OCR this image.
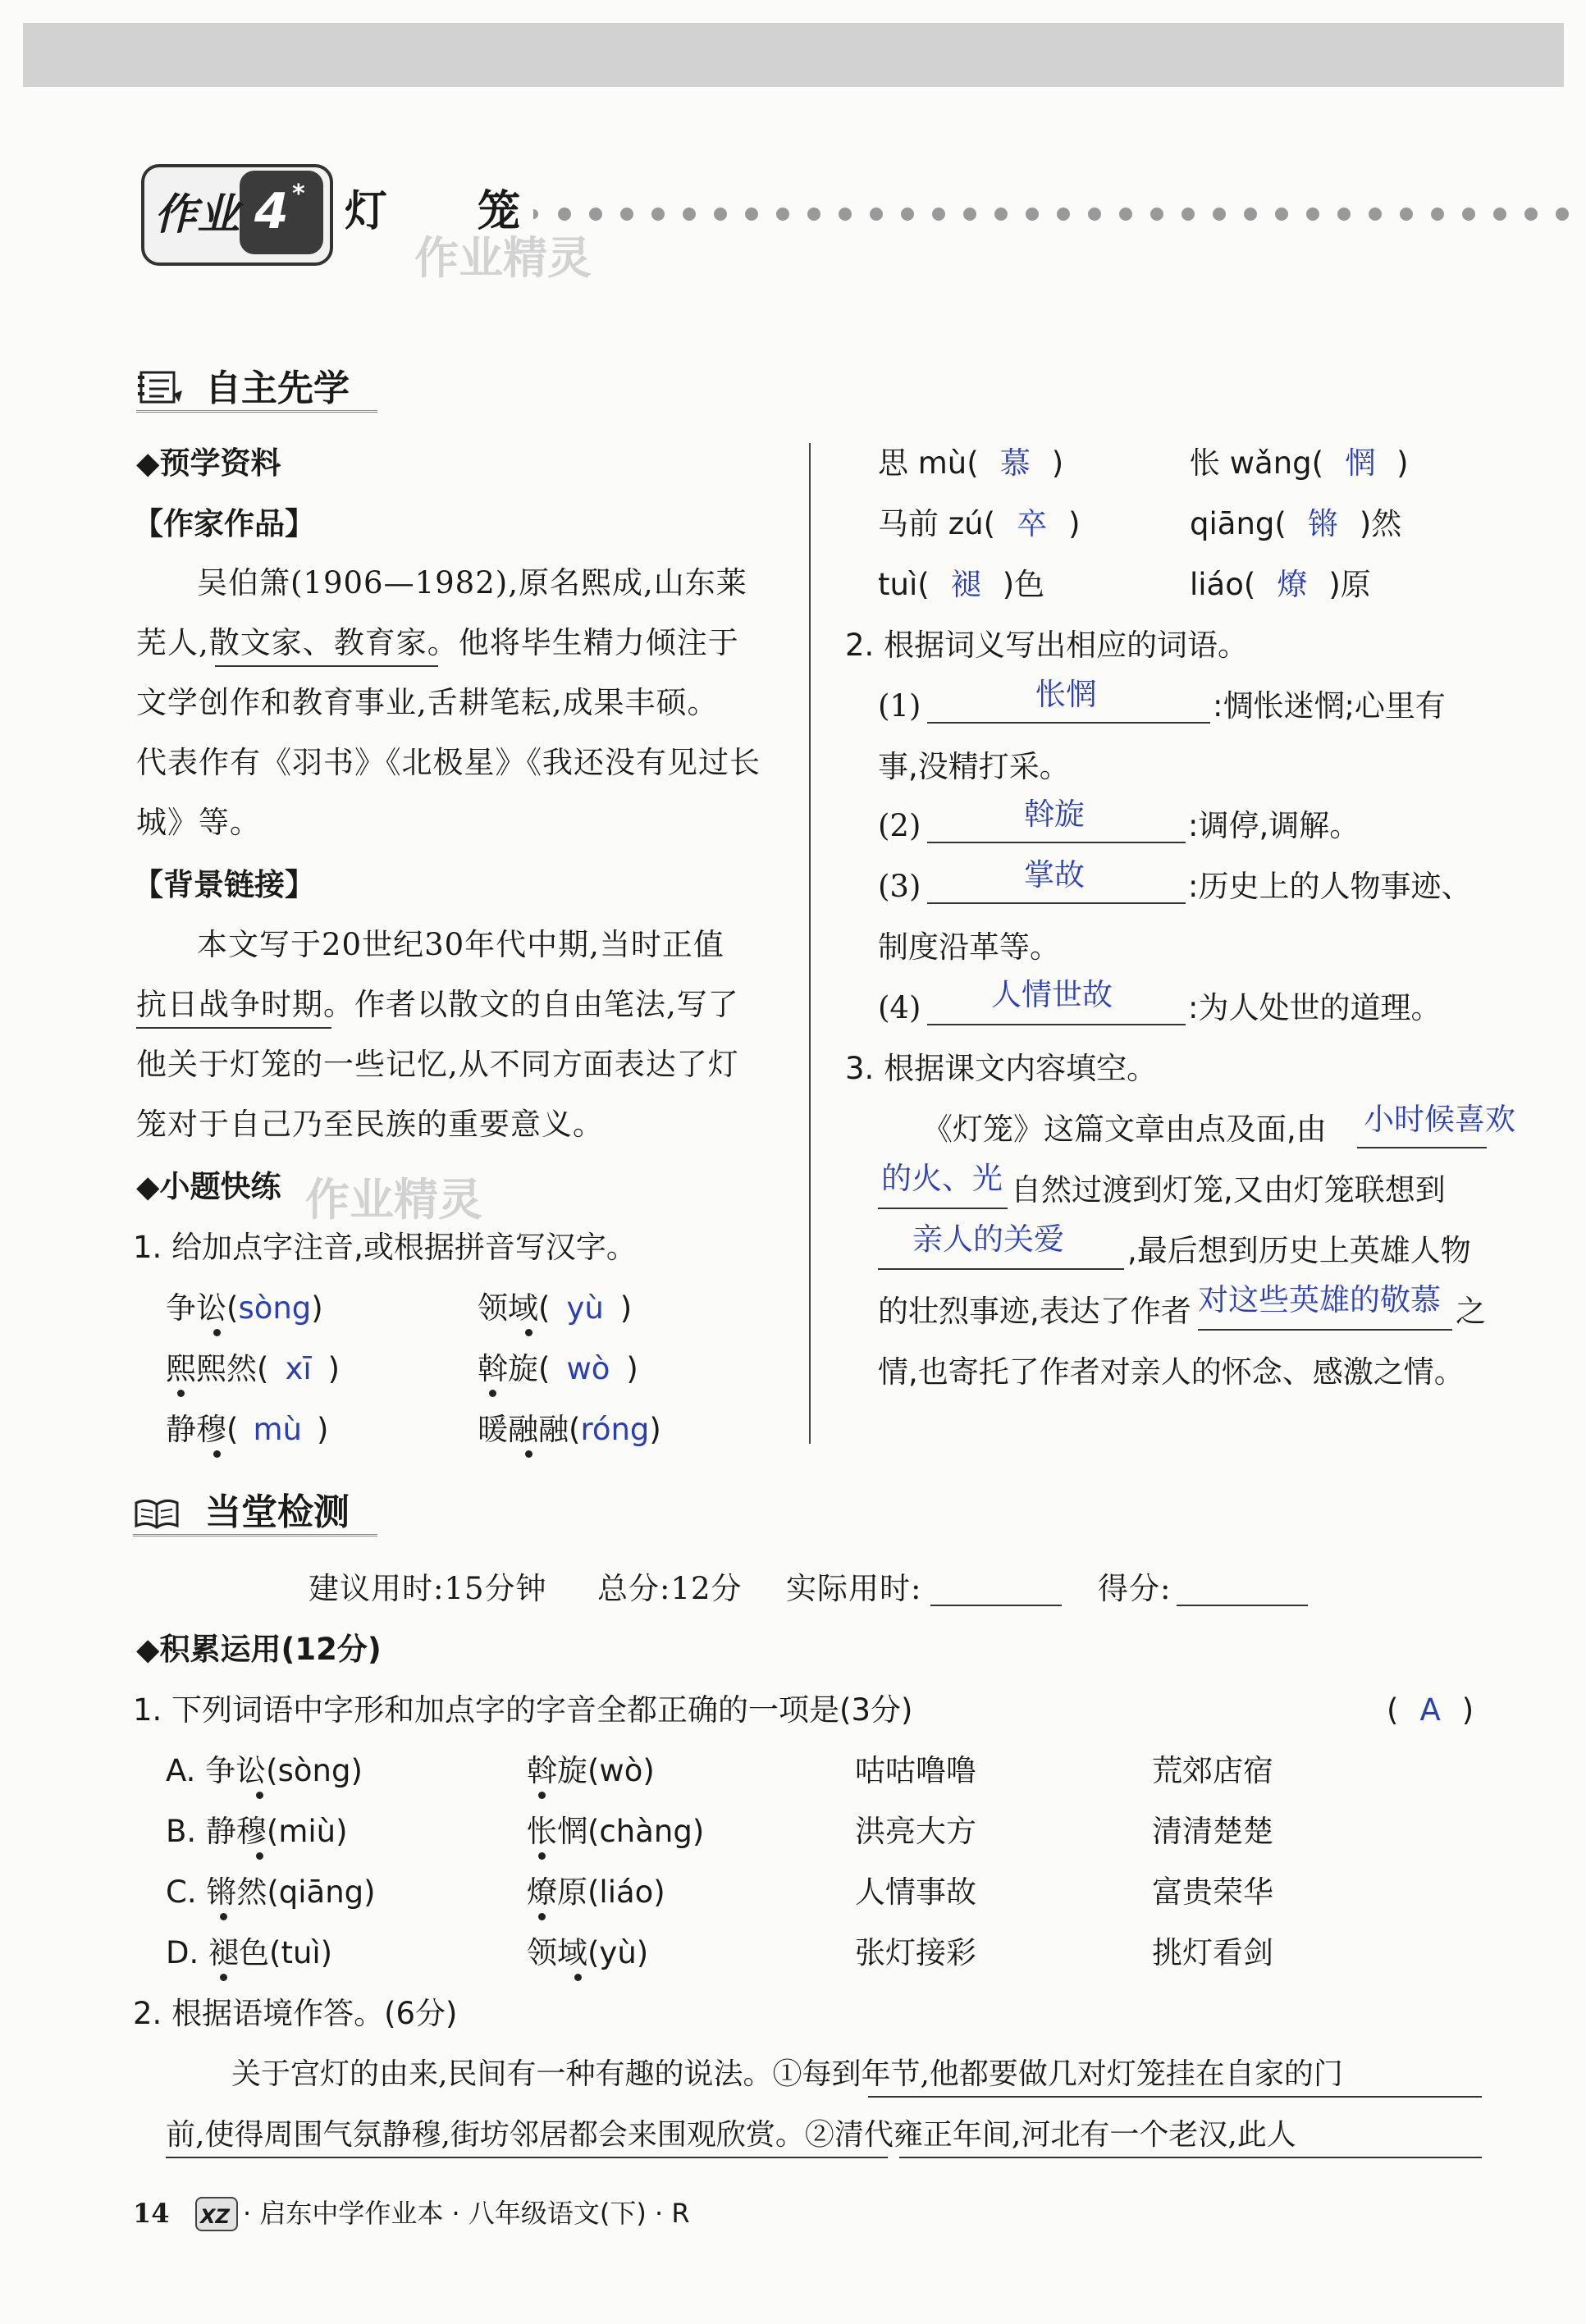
作业 4 * 灯 笼
作业精灵
自主先学
◆预学资料
【作家作品】
吴伯箫(1906—1982),原名熙成,山东莱
芜人,散文家、教育家。他将毕生精力倾注于
文学创作和教育事业,舌耕笔耘,成果丰硕。
代表作有《羽书》《北极星》《我还没有见过长
城》等。
【背景链接】
本文写于20世纪30年代中期,当时正值
抗日战争时期。作者以散文的自由笔法,写了
他关于灯笼的一些记忆,从不同方面表达了灯
笼对于自己乃至民族的重要意义。
◆小题快练 作业精灵
1. 给加点字注音,或根据拼音写汉字。
争讼(sòng)	领域( yù )
熙熙然( xī )	斡旋( wò )
静穆( mù )	暖融融(róng)
思 mù( 慕 )	怅 wǎng( 惘 )
马前 zú( 卒 )	qiāng( 锵 )然
tuì( 褪 )色	liáo( 燎 )原
2. 根据词义写出相应的词语。
(1)	怅惘	:惆怅迷惘;心里有
事,没精打采。
(2)	斡旋	:调停,调解。
(3)	掌故	:历史上的人物事迹、
制度沿革等。
(4) 人情世故 :为人处世的道理。
3. 根据课文内容填空。
《灯笼》这篇文章由点及面,由 小时候喜欢
的火、光 自然过渡到灯笼,又由灯笼联想到
亲人的关爱 ,最后想到历史上英雄人物
的壮烈事迹,表达了作者 对这些英雄的敬慕 之
情,也寄托了作者对亲人的怀念、感激之情。
当堂检测
建议用时:15分钟 总分:12分 实际用时:	得分:
◆积累运用(12分)
1. 下列词语中字形和加点字的字音全都正确的一项是(3分)	( A )
A. 争讼(sòng)	斡旋(wò)	咕咕噜噜	荒郊店宿
B. 静穆(miù)	怅惘(chàng)	洪亮大方	清清楚楚
C. 锵然(qiāng)	燎原(liáo)	人情事故	富贵荣华
D. 褪色(tuì)	领域(yù)	张灯接彩	挑灯看剑
2. 根据语境作答。(6分)
关于宫灯的由来,民间有一种有趣的说法。①每到年节,他都要做几对灯笼挂在自家的门
前,使得周围气氛静穆,街坊邻居都会来围观欣赏。②清代雍正年间,河北有一个老汉,此人
14 XZ · 启东中学作业本 · 八年级语文(下) · R
